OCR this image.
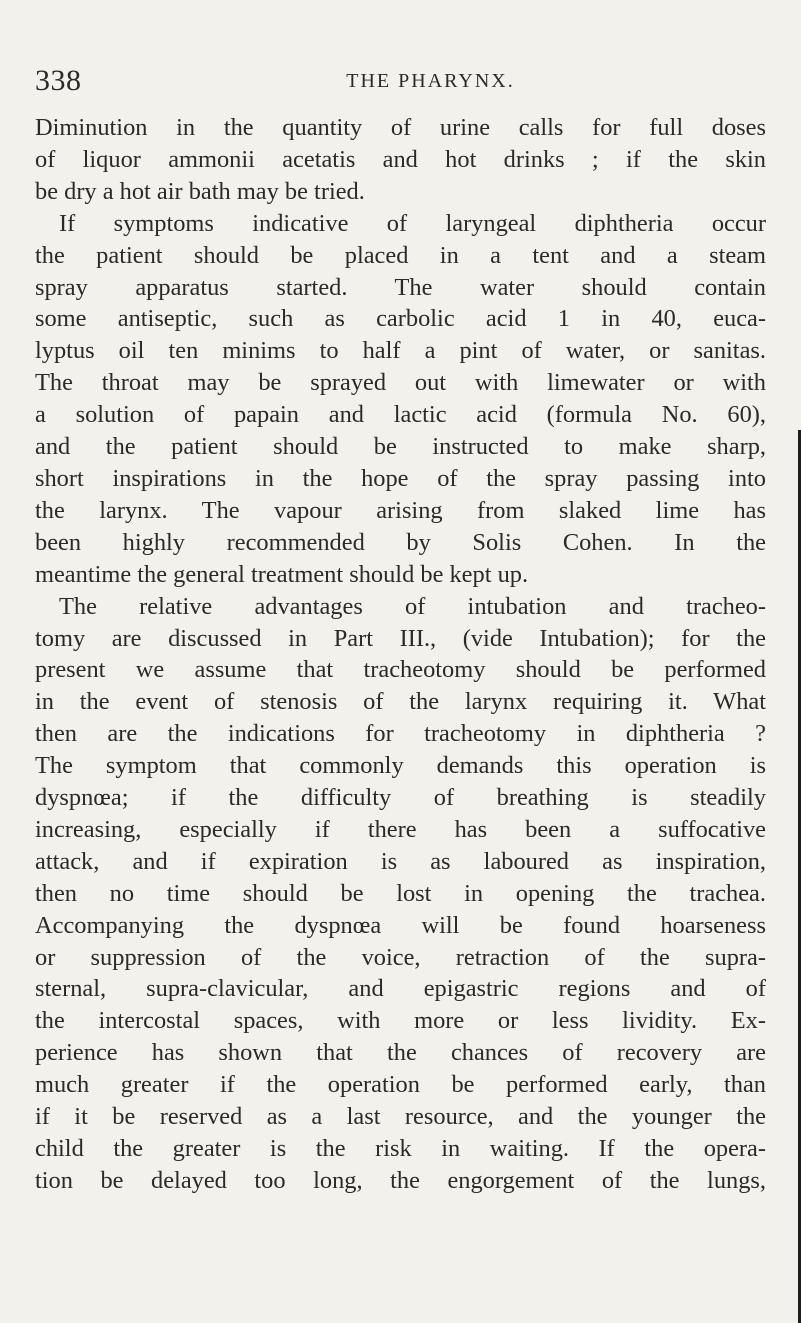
338	THE PHARYNX.
Diminution in the quantity of urine calls for full doses
of liquor ammonii acetatis and hot drinks ; if the skin
be dry a hot air bath may be tried.
If symptoms indicative of laryngeal diphtheria occur
the patient should be placed in a tent and a steam
spray apparatus started. The water should contain
some antiseptic, such as carbolic acid 1 in 40, euca-
lyptus oil ten minims to half a pint of water, or sanitas.
The throat may be sprayed out with limewater or with
a solution of papain and lactic acid (formula No. 60),
and the patient should be instructed to make sharp,
short inspirations in the hope of the spray passing into
the larynx. The vapour arising from slaked lime has
been highly recommended by Solis Cohen. In the
meantime the general treatment should be kept up.
The relative advantages of intubation and tracheo-
tomy are discussed in Part III., (vide Intubation); for the
present we assume that tracheotomy should be performed
in the event of stenosis of the larynx requiring it. What
then are the indications for tracheotomy in diphtheria ?
The symptom that commonly demands this operation is
dyspnœa; if the difficulty of breathing is steadily
increasing, especially if there has been a suffocative
attack, and if expiration is as laboured as inspiration,
then no time should be lost in opening the trachea.
Accompanying the dyspnœa will be found hoarseness
or suppression of the voice, retraction of the supra-
sternal, supra-clavicular, and epigastric regions and of
the intercostal spaces, with more or less lividity. Ex-
perience has shown that the chances of recovery are
much greater if the operation be performed early, than
if it be reserved as a last resource, and the younger the
child the greater is the risk in waiting. If the opera-
tion be delayed too long, the engorgement of the lungs,
